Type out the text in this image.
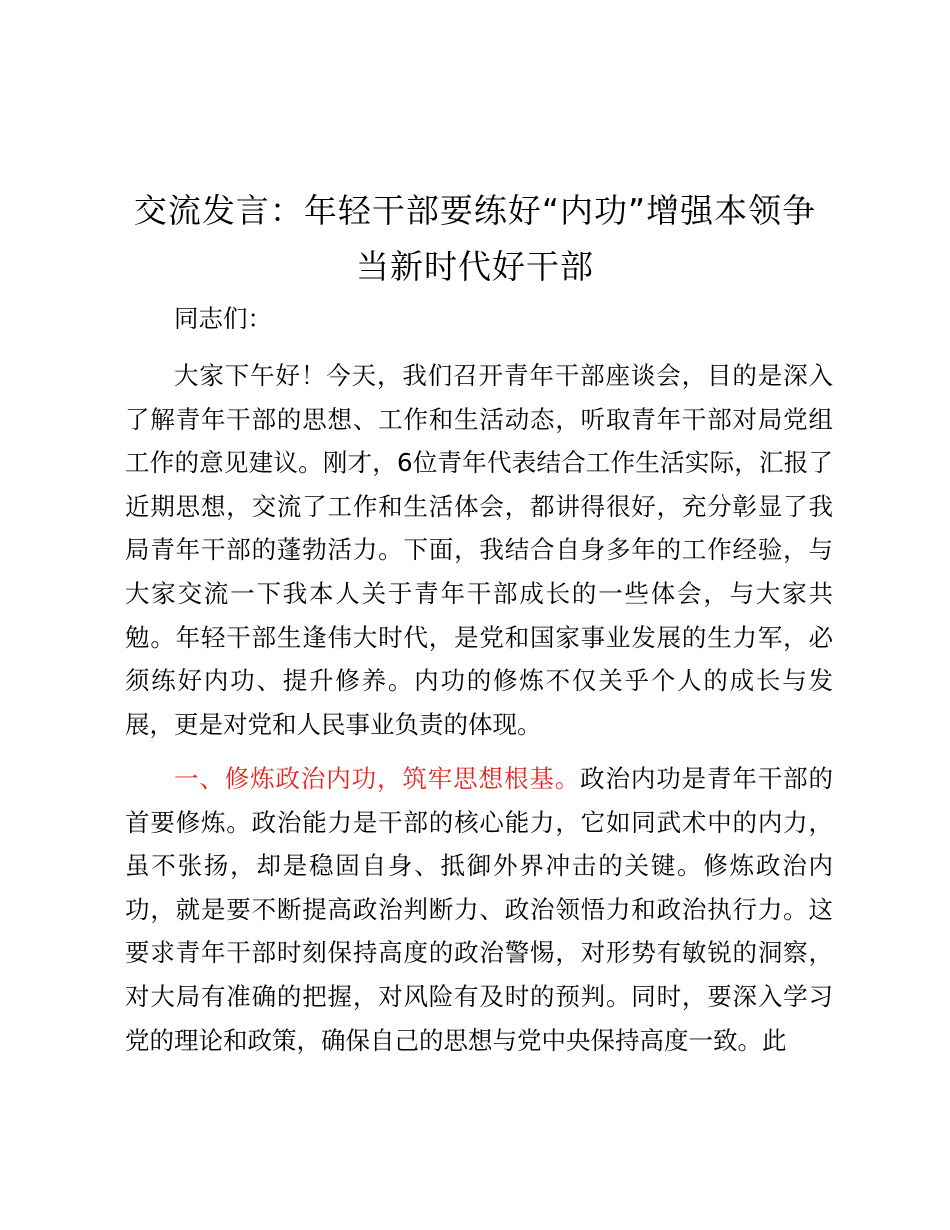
交流发言：年轻干部要练好“内功”增强本领争
当新时代好干部

同志们：

大家下午好！今天，我们召开青年干部座谈会，目的是深入了解青年干部的思想、工作和生活动态，听取青年干部对局党组工作的意见建议。刚才，6位青年代表结合工作生活实际，汇报了近期思想，交流了工作和生活体会，都讲得很好，充分彰显了我局青年干部的蓬勃活力。下面，我结合自身多年的工作经验，与大家交流一下我本人关于青年干部成长的一些体会，与大家共勉。年轻干部生逢伟大时代，是党和国家事业发展的生力军，必须练好内功、提升修养。内功的修炼不仅关乎个人的成长与发展，更是对党和人民事业负责的体现。

一、修炼政治内功，筑牢思想根基。政治内功是青年干部的首要修炼。政治能力是干部的核心能力，它如同武术中的内力，虽不张扬，却是稳固自身、抵御外界冲击的关键。修炼政治内功，就是要不断提高政治判断力、政治领悟力和政治执行力。这要求青年干部时刻保持高度的政治警惕，对形势有敏锐的洞察，对大局有准确的把握，对风险有及时的预判。同时，要深入学习党的理论和政策，确保自己的思想与党中央保持高度一致。此
